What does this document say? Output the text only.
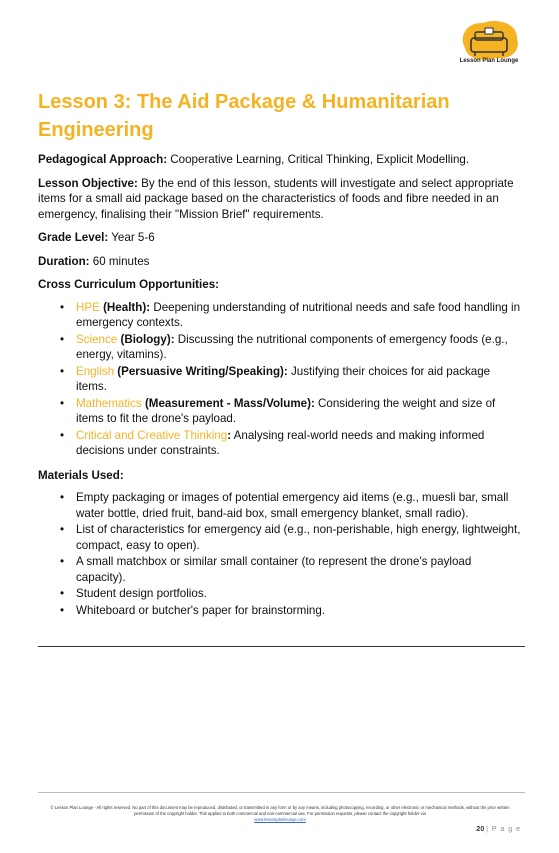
Lesson Plan Lounge
Lesson 3: The Aid Package & Humanitarian Engineering

Pedagogical Approach: Cooperative Learning, Critical Thinking, Explicit Modelling.

Lesson Objective: By the end of this lesson, students will investigate and select appropriate items for a small aid package based on the characteristics of foods and fibre needed in an emergency, finalising their "Mission Brief" requirements.

Grade Level: Year 5-6

Duration: 60 minutes

Cross Curriculum Opportunities:

• HPE (Health): Deepening understanding of nutritional needs and safe food handling in emergency contexts.
• Science (Biology): Discussing the nutritional components of emergency foods (e.g., energy, vitamins).
• English (Persuasive Writing/Speaking): Justifying their choices for aid package items.
• Mathematics (Measurement - Mass/Volume): Considering the weight and size of items to fit the drone's payload.
• Critical and Creative Thinking: Analysing real-world needs and making informed decisions under constraints.

Materials Used:

• Empty packaging or images of potential emergency aid items (e.g., muesli bar, small water bottle, dried fruit, band-aid box, small emergency blanket, small radio).
• List of characteristics for emergency aid (e.g., non-perishable, high energy, lightweight, compact, easy to open).
• A small matchbox or similar small container (to represent the drone's payload capacity).
• Student design portfolios.
• Whiteboard or butcher's paper for brainstorming.
© Lesson Plan Lounge - All rights reserved. No part of this document may be reproduced, distributed, or transmitted in any form or by any means, including photocopying, recording, or other electronic or mechanical methods, without the prior written permission of the copyright holder. This applies to both commercial and non-commercial use. For permission requests, please contact the copyright holder via
www.lessonplanlounge.com
20 | P a g e
